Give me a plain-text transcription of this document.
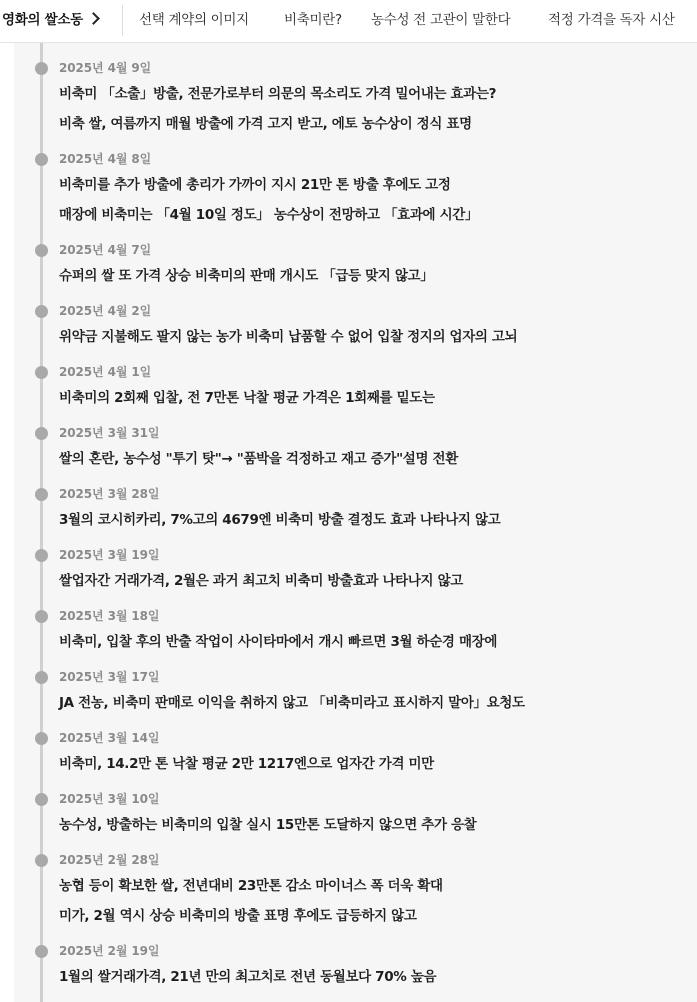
영화의 쌀소동	선택 계약의 이미지	비축미란? 농수성 전 고관이 말한다	적정 가격을 독자 시산
2025년 4월 9일
비축미 「소출」방출, 전문가로부터 의문의 목소리도 가격 밀어내는 효과는?
비축 쌀, 여름까지 매월 방출에 가격 고지 받고, 에토 농수상이 정식 표명
2025년 4월 8일
비축미를 추가 방출에 총리가 가까이 지시 21만 톤 방출 후에도 고정
매장에 비축미는 「4월 10일 정도」 농수상이 전망하고 「효과에 시간」
2025년 4월 7일
슈퍼의 쌀 또 가격 상승 비축미의 판매 개시도 「급등 맞지 않고」
2025년 4월 2일
위약금 지불해도 팔지 않는 농가 비축미 납품할 수 없어 입찰 정지의 업자의 고뇌
2025년 4월 1일
비축미의 2회째 입찰, 전 7만톤 낙찰 평균 가격은 1회째를 밑도는
2025년 3월 31일
쌀의 혼란, 농수성 "투기 탓"→ "품박을 걱정하고 재고 증가"설명 전환
2025년 3월 28일
3월의 코시히카리, 7%고의 4679엔 비축미 방출 결정도 효과 나타나지 않고
2025년 3월 19일
쌀업자간 거래가격, 2월은 과거 최고치 비축미 방출효과 나타나지 않고
2025년 3월 18일
비축미, 입찰 후의 반출 작업이 사이타마에서 개시 빠르면 3월 하순경 매장에
2025년 3월 17일
JA 전농, 비축미 판매로 이익을 취하지 않고 「비축미라고 표시하지 말아」요청도
2025년 3월 14일
비축미, 14.2만 톤 낙찰 평균 2만 1217엔으로 업자간 가격 미만
2025년 3월 10일
농수성, 방출하는 비축미의 입찰 실시 15만톤 도달하지 않으면 추가 응찰
2025년 2월 28일
농협 등이 확보한 쌀, 전년대비 23만톤 감소 마이너스 폭 더욱 확대
미가, 2월 역시 상승 비축미의 방출 표명 후에도 급등하지 않고
2025년 2월 19일
1월의 쌀거래가격, 21년 만의 최고치로 전년 동월보다 70% 높음
